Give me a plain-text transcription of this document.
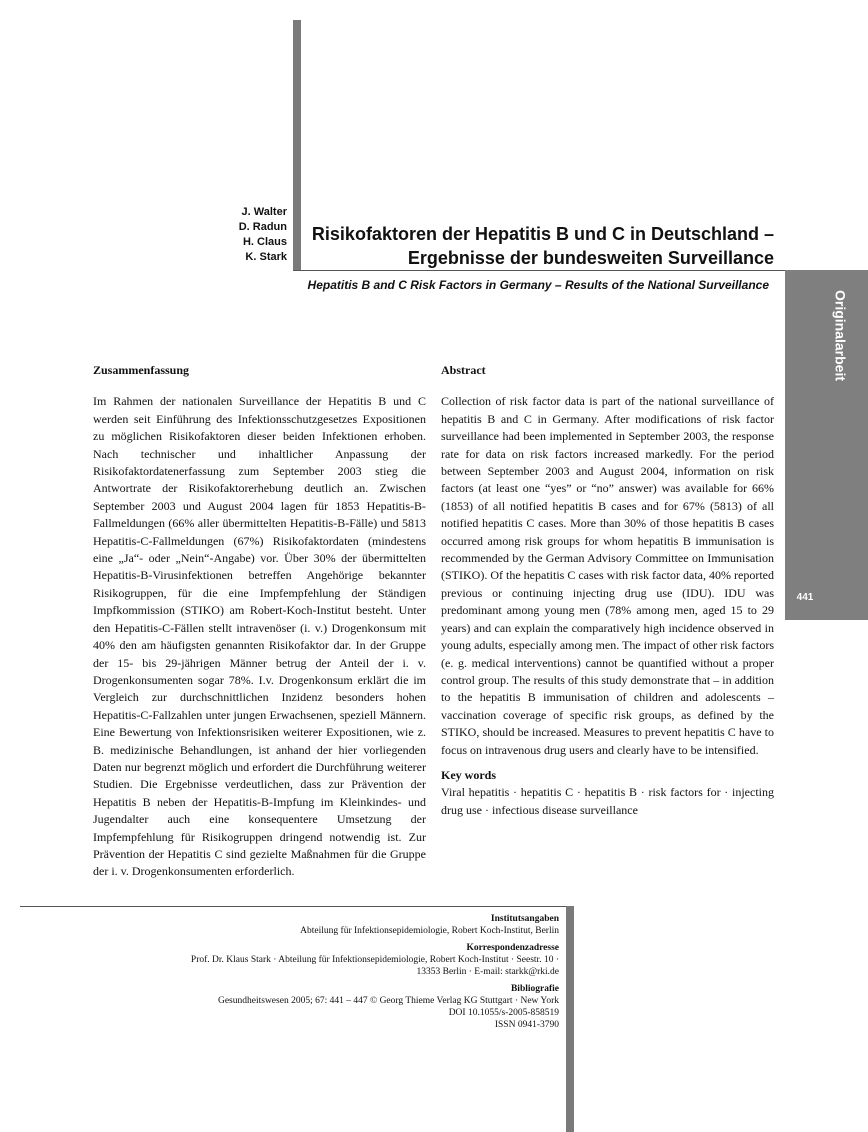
Originalarbeit
441
J. Walter
D. Radun
H. Claus
K. Stark
Risikofaktoren der Hepatitis B und C in Deutschland –
Ergebnisse der bundesweiten Surveillance
Hepatitis B and C Risk Factors in Germany – Results of the National Surveillance
Zusammenfassung

Im Rahmen der nationalen Surveillance der Hepatitis B und C werden seit Einführung des Infektionsschutzgesetzes Expositionen zu möglichen Risikofaktoren dieser beiden Infektionen erhoben. Nach technischer und inhaltlicher Anpassung der Risikofaktordatenerfassung zum September 2003 stieg die Antwortrate der Risikofaktorerhebung deutlich an. Zwischen September 2003 und August 2004 lagen für 1853 Hepatitis-B-Fallmeldungen (66% aller übermittelten Hepatitis-B-Fälle) und 5813 Hepatitis-C-Fallmeldungen (67%) Risikofaktordaten (mindestens eine „Ja“- oder „Nein“-Angabe) vor. Über 30% der übermittelten Hepatitis-B-Virusinfektionen betreffen Angehörige bekannter Risikogruppen, für die eine Impfempfehlung der Ständigen Impfkommission (STIKO) am Robert-Koch-Institut besteht. Unter den Hepatitis-C-Fällen stellt intravenöser (i. v.) Drogenkonsum mit 40% den am häufigsten genannten Risikofaktor dar. In der Gruppe der 15- bis 29-jährigen Männer betrug der Anteil der i. v. Drogenkonsumenten sogar 78%. I.v. Drogenkonsum erklärt die im Vergleich zur durchschnittlichen Inzidenz besonders hohen Hepatitis-C-Fallzahlen unter jungen Erwachsenen, speziell Männern. Eine Bewertung von Infektionsrisiken weiterer Expositionen, wie z. B. medizinische Behandlungen, ist anhand der hier vorliegenden Daten nur begrenzt möglich und erfordert die Durchführung weiterer Studien. Die Ergebnisse verdeutlichen, dass zur Prävention der Hepatitis B neben der Hepatitis-B-Impfung im Kleinkindes- und Jugendalter auch eine konsequentere Umsetzung der Impfempfehlung für Risikogruppen dringend notwendig ist. Zur Prävention der Hepatitis C sind gezielte Maßnahmen für die Gruppe der i. v. Drogenkonsumenten erforderlich.

Abstract

Collection of risk factor data is part of the national surveillance of hepatitis B and C in Germany. After modifications of risk factor surveillance had been implemented in September 2003, the response rate for data on risk factors increased markedly. For the period between September 2003 and August 2004, information on risk factors (at least one “yes” or “no” answer) was available for 66% (1853) of all notified hepatitis B cases and for 67% (5813) of all notified hepatitis C cases. More than 30% of those hepatitis B cases occurred among risk groups for whom hepatitis B immunisation is recommended by the German Advisory Committee on Immunisation (STIKO). Of the hepatitis C cases with risk factor data, 40% reported previous or continuing injecting drug use (IDU). IDU was predominant among young men (78% among men, aged 15 to 29 years) and can explain the comparatively high incidence observed in young adults, especially among men. The impact of other risk factors (e. g. medical interventions) cannot be quantified without a proper control group. The results of this study demonstrate that – in addition to the hepatitis B immunisation of children and adolescents – vaccination coverage of specific risk groups, as defined by the STIKO, should be increased. Measures to prevent hepatitis C have to focus on intravenous drug users and clearly have to be intensified.

Key words

Viral hepatitis · hepatitis C · hepatitis B · risk factors for · injecting drug use · infectious disease surveillance

Institutsangaben
Abteilung für Infektionsepidemiologie, Robert Koch-Institut, Berlin
Korrespondenzadresse
Prof. Dr. Klaus Stark · Abteilung für Infektionsepidemiologie, Robert Koch-Institut · Seestr. 10 ·
13353 Berlin · E-mail: starkk@rki.de
Bibliografie
Gesundheitswesen 2005; 67: 441 – 447 © Georg Thieme Verlag KG Stuttgart · New York
DOI 10.1055/s-2005-858519
ISSN 0941-3790
